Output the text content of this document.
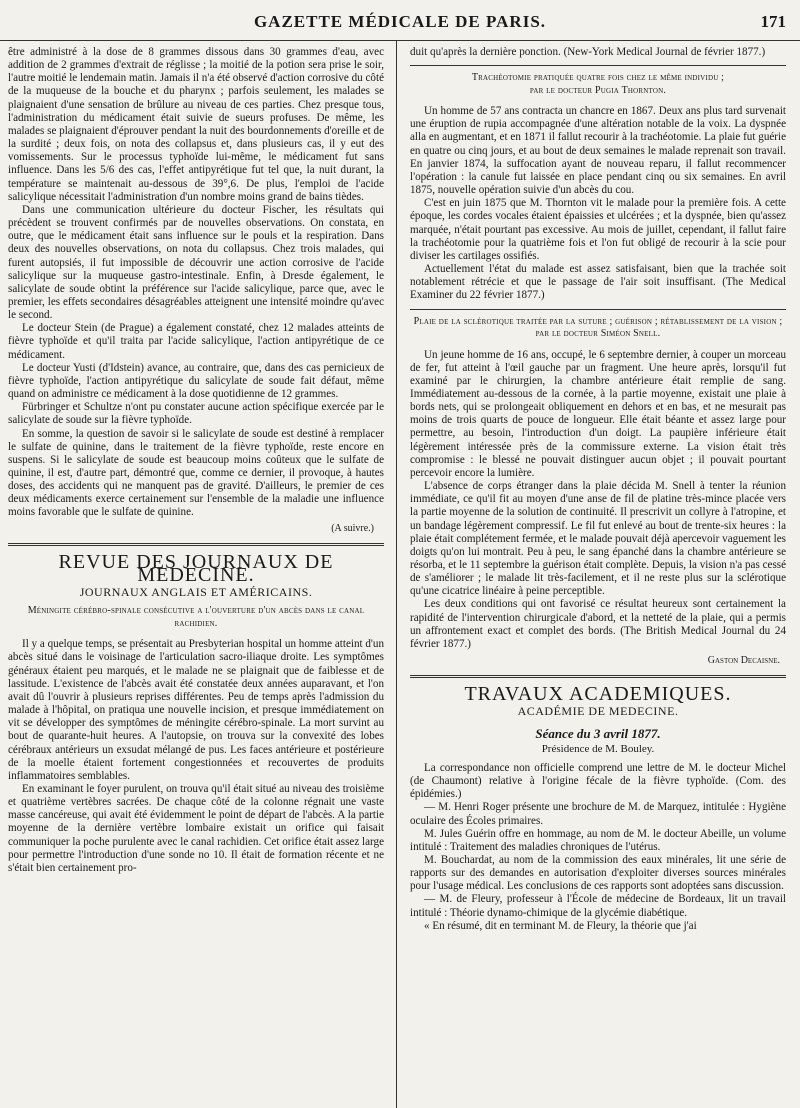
GAZETTE MÉDICALE DE PARIS.	171

être administré à la dose de 8 grammes dissous dans 30 grammes d'eau, avec addition de 2 grammes d'extrait de réglisse ; la moitié de la potion sera prise le soir, l'autre moitié le lendemain matin. Jamais il n'a été observé d'action corrosive du côté de la muqueuse de la bouche et du pharynx ; parfois seulement, les malades se plaignaient d'une sensation de brûlure au niveau de ces parties. Chez presque tous, l'administration du médicament était suivie de sueurs profuses. De même, les malades se plaignaient d'éprouver pendant la nuit des bourdonnements d'oreille et de la surdité ; deux fois, on nota des collapsus et, dans plusieurs cas, il y eut des vomissements. Sur le processus typhoïde lui-même, le médicament fut sans influence. Dans les 5/6 des cas, l'effet antipyrétique fut tel que, la nuit durant, la température se maintenait au-dessous de 39°,6. De plus, l'emploi de l'acide salicylique nécessitait l'administration d'un nombre moins grand de bains tièdes.

Dans une communication ultérieure du docteur Fischer, les résultats qui précèdent se trouvent confirmés par de nouvelles observations. On constata, en outre, que le médicament était sans influence sur le pouls et la respiration. Dans deux des nouvelles observations, on nota du collapsus. Chez trois malades, qui furent autopsiés, il fut impossible de découvrir une action corrosive de l'acide salicylique sur la muqueuse gastro-intestinale. Enfin, à Dresde également, le salicylate de soude obtint la préférence sur l'acide salicylique, parce que, avec le premier, les effets secondaires désagréables atteignent une intensité moindre qu'avec le second.

Le docteur Stein (de Prague) a également constaté, chez 12 malades atteints de fièvre typhoïde et qu'il traita par l'acide salicylique, l'action antipyrétique de ce médicament.

Le docteur Yusti (d'Idstein) avance, au contraire, que, dans des cas pernicieux de fièvre typhoïde, l'action antipyrétique du salicylate de soude fait défaut, même quand on administre ce médicament à la dose quotidienne de 12 grammes.

Fürbringer et Schultze n'ont pu constater aucune action spécifique exercée par le salicylate de soude sur la fièvre typhoïde.

En somme, la question de savoir si le salicylate de soude est destiné à remplacer le sulfate de quinine, dans le traitement de la fièvre typhoïde, reste encore en suspens. Si le salicylate de soude est beaucoup moins coûteux que le sulfate de quinine, il est, d'autre part, démontré que, comme ce dernier, il provoque, à hautes doses, des accidents qui ne manquent pas de gravité. D'ailleurs, le premier de ces deux médicaments exerce certainement sur l'ensemble de la maladie une influence moins favorable que le sulfate de quinine.

(A suivre.)
REVUE DES JOURNAUX DE MEDECINE.
JOURNAUX ANGLAIS ET AMÉRICAINS.
Méningite cérébro-spinale consécutive a l'ouverture d'un abcès dans le canal rachidien.

Il y a quelque temps, se présentait au Presbyterian hospital un homme atteint d'un abcès situé dans le voisinage de l'articulation sacro-iliaque droite. Les symptômes généraux étaient peu marqués, et le malade ne se plaignait que de faiblesse et de lassitude. L'existence de l'abcès avait été constatée deux années auparavant, et l'on avait dû l'ouvrir à plusieurs reprises différentes. Peu de temps après l'admission du malade à l'hôpital, on pratiqua une nouvelle incision, et presque immédiatement on vit se développer des symptômes de méningite cérébro-spinale. La mort survint au bout de quarante-huit heures. A l'autopsie, on trouva sur la convexité des lobes cérébraux antérieurs un exsudat mélangé de pus. Les faces antérieure et postérieure de la moelle étaient fortement congestionnées et recouvertes de produits inflammatoires semblables.

En examinant le foyer purulent, on trouva qu'il était situé au niveau des troisième et quatrième vertèbres sacrées. De chaque côté de la colonne régnait une vaste masse cancéreuse, qui avait été évidemment le point de départ de l'abcès. A la partie moyenne de la dernière vertèbre lombaire existait un orifice qui faisait communiquer la poche purulente avec le canal rachidien. Cet orifice était assez large pour permettre l'introduction d'une sonde no 10. Il était de formation récente et ne s'était bien certainement pro-

duit qu'après la dernière ponction. (New-York Medical Journal de février 1877.)

Trachéotomie pratiquée quatre fois chez le même individu ;
par le docteur Pugia Thornton.

Un homme de 57 ans contracta un chancre en 1867. Deux ans plus tard survenait une éruption de rupia accompagnée d'une altération notable de la voix. La dyspnée alla en augmentant, et en 1871 il fallut recourir à la trachéotomie. La plaie fut guérie en quatre ou cinq jours, et au bout de deux semaines le malade reprenait son travail. En janvier 1874, la suffocation ayant de nouveau reparu, il fallut recommencer l'opération : la canule fut laissée en place pendant cinq ou six semaines. En avril 1875, nouvelle opération suivie d'un abcès du cou.

C'est en juin 1875 que M. Thornton vit le malade pour la première fois. A cette époque, les cordes vocales étaient épaissies et ulcérées ; et la dyspnée, bien qu'assez marquée, n'était pourtant pas excessive. Au mois de juillet, cependant, il fallut faire la trachéotomie pour la quatrième fois et l'on fut obligé de recourir à la scie pour diviser les cartilages ossifiés.

Actuellement l'état du malade est assez satisfaisant, bien que la trachée soit notablement rétrécie et que le passage de l'air soit insuffisant. (The Medical Examiner du 22 février 1877.)

Plaie de la sclérotique traitée par la suture ; guérison ; rétablissement de la vision ; par le docteur Siméon Snell.

Un jeune homme de 16 ans, occupé, le 6 septembre dernier, à couper un morceau de fer, fut atteint à l'œil gauche par un fragment. Une heure après, lorsqu'il fut examiné par le chirurgien, la chambre antérieure était remplie de sang. Immédiatement au-dessous de la cornée, à la partie moyenne, existait une plaie à bords nets, qui se prolongeait obliquement en dehors et en bas, et ne mesurait pas moins de trois quarts de pouce de longueur. Elle était béante et assez large pour permettre, au besoin, l'introduction d'un doigt. La paupière inférieure était légèrement intéressée près de la commissure externe. La vision était très compromise : le blessé ne pouvait distinguer aucun objet ; il pouvait pourtant percevoir encore la lumière.

L'absence de corps étranger dans la plaie décida M. Snell à tenter la réunion immédiate, ce qu'il fit au moyen d'une anse de fil de platine très-mince placée vers la partie moyenne de la solution de continuité. Il prescrivit un collyre à l'atropine, et un bandage légèrement compressif. Le fil fut enlevé au bout de trente-six heures : la plaie était complétement fermée, et le malade pouvait déjà apercevoir vaguement les doigts qu'on lui montrait. Peu à peu, le sang épanché dans la chambre antérieure se résorba, et le 11 septembre la guérison était complète. Depuis, la vision n'a pas cessé de s'améliorer ; le malade lit très-facilement, et il ne reste plus sur la sclérotique qu'une cicatrice linéaire à peine perceptible.

Les deux conditions qui ont favorisé ce résultat heureux sont certainement la rapidité de l'intervention chirurgicale d'abord, et la netteté de la plaie, qui a permis un affrontement exact et complet des bords. (The British Medical Journal du 24 février 1877.)

Gaston Decaisne.
TRAVAUX ACADEMIQUES.
ACADÉMIE DE MEDECINE.
Séance du 3 avril 1877.
Présidence de M. Bouley.

La correspondance non officielle comprend une lettre de M. le docteur Michel (de Chaumont) relative à l'origine fécale de la fièvre typhoïde. (Com. des épidémies.)

— M. Henri Roger présente une brochure de M. de Marquez, intitulée : Hygiène oculaire des Écoles primaires.

M. Jules Guérin offre en hommage, au nom de M. le docteur Abeille, un volume intitulé : Traitement des maladies chroniques de l'utérus.

M. Bouchardat, au nom de la commission des eaux minérales, lit une série de rapports sur des demandes en autorisation d'exploiter diverses sources minérales pour l'usage médical. Les conclusions de ces rapports sont adoptées sans discussion.

— M. de Fleury, professeur à l'École de médecine de Bordeaux, lit un travail intitulé : Théorie dynamo-chimique de la glycémie diabétique.

« En résumé, dit en terminant M. de Fleury, la théorie que j'ai
